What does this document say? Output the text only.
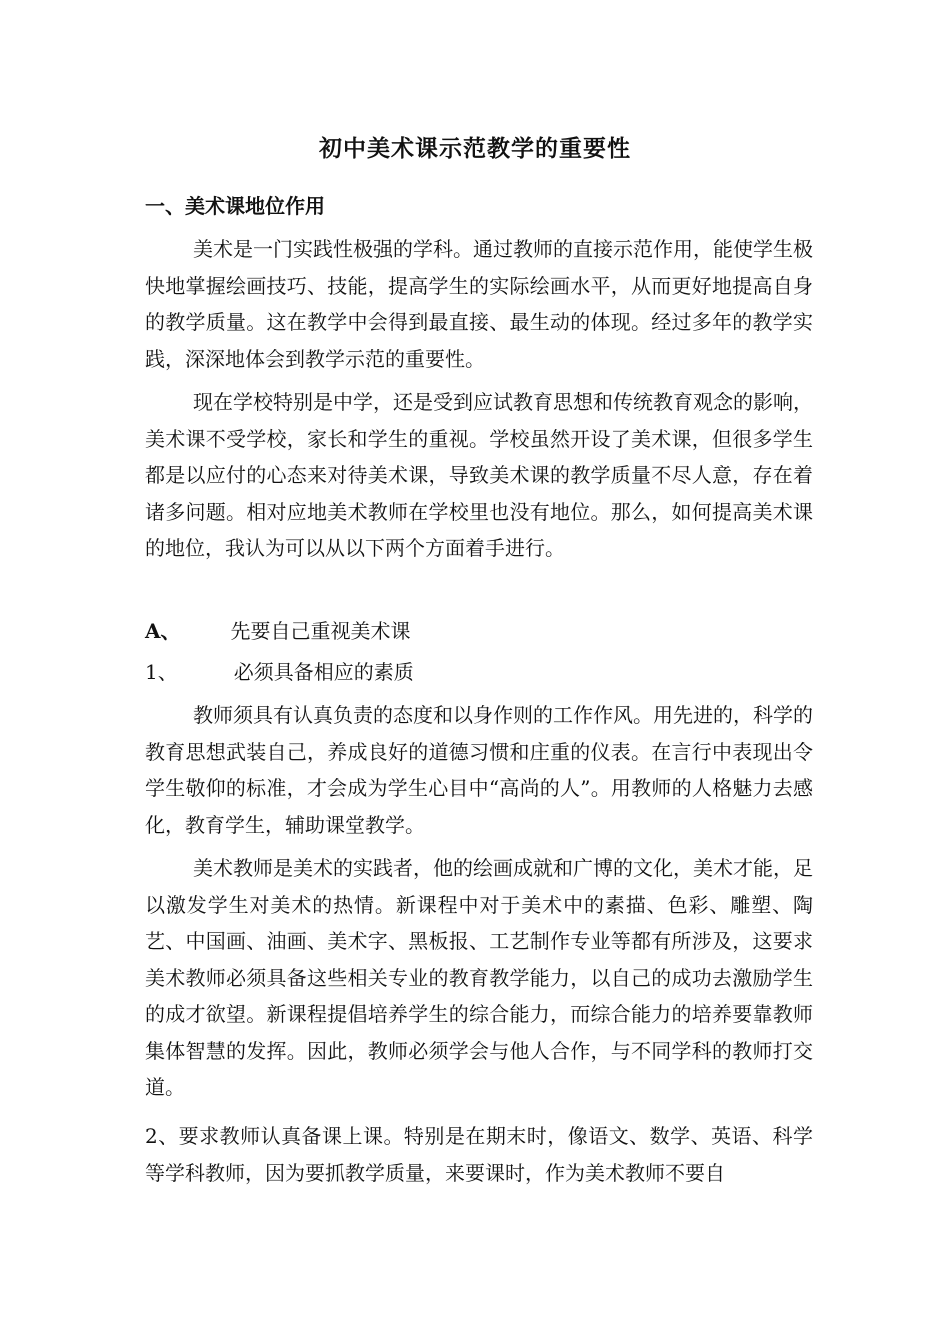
初中美术课示范教学的重要性
一、美术课地位作用

美术是一门实践性极强的学科。通过教师的直接示范作用，能使学生极快地掌握绘画技巧、技能，提高学生的实际绘画水平，从而更好地提高自身的教学质量。这在教学中会得到最直接、最生动的体现。经过多年的教学实践，深深地体会到教学示范的重要性。

现在学校特别是中学，还是受到应试教育思想和传统教育观念的影响，美术课不受学校，家长和学生的重视。学校虽然开设了美术课，但很多学生都是以应付的心态来对待美术课，导致美术课的教学质量不尽人意，存在着诸多问题。相对应地美术教师在学校里也没有地位。那么，如何提高美术课的地位，我认为可以从以下两个方面着手进行。

A、	先要自己重视美术课
1、	必须具备相应的素质

教师须具有认真负责的态度和以身作则的工作作风。用先进的，科学的教育思想武装自己，养成良好的道德习惯和庄重的仪表。在言行中表现出令学生敬仰的标准，才会成为学生心目中“高尚的人”。用教师的人格魅力去感化，教育学生，辅助课堂教学。

美术教师是美术的实践者，他的绘画成就和广博的文化，美术才能，足以激发学生对美术的热情。新课程中对于美术中的素描、色彩、雕塑、陶艺、中国画、油画、美术字、黑板报、工艺制作专业等都有所涉及，这要求美术教师必须具备这些相关专业的教育教学能力，以自己的成功去激励学生的成才欲望。新课程提倡培养学生的综合能力，而综合能力的培养要靠教师集体智慧的发挥。因此，教师必须学会与他人合作，与不同学科的教师打交道。

2、要求教师认真备课上课。特别是在期末时，像语文、数学、英语、科学等学科教师，因为要抓教学质量，来要课时，作为美术教师不要自
